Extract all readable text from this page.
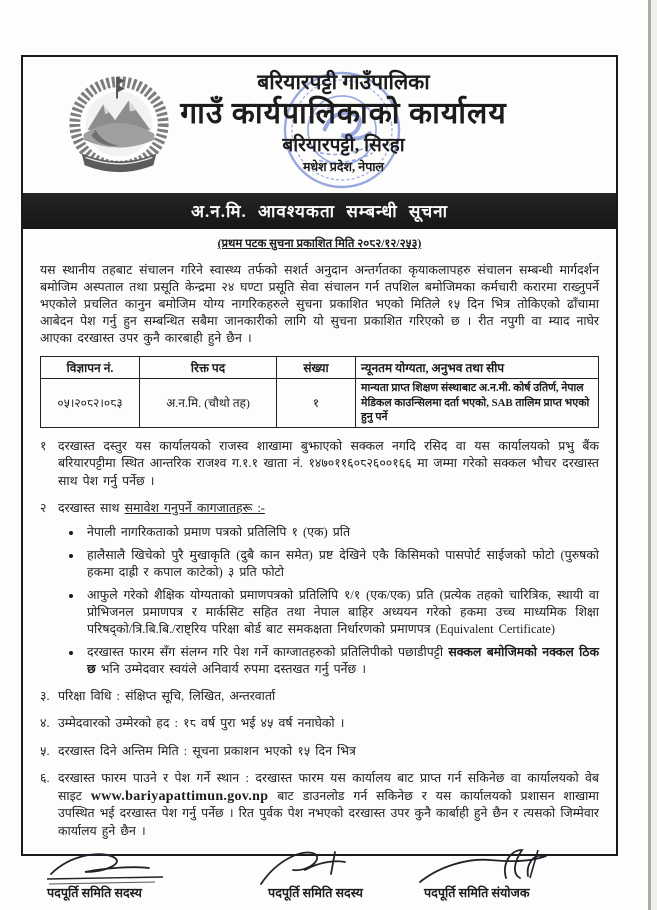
बरियारपट्टी गाउँपालिका
गाउँ कार्यपालिकाको कार्यालय
बरियारपट्टी, सिरहा
मधेश प्रदेश, नेपाल
अ.न.मि. आवश्यकता सम्बन्धी सूचना
(प्रथम पटक सुचना प्रकाशित मिति २०८२/१२/२५३)
यस स्थानीय तहबाट संचालन गरिने स्वास्थ्य तर्फको सशर्त अनुदान अन्तर्गतका कृयाकलापहरु संचालन सम्बन्धी मार्गदर्शन बमोजिम अस्पताल तथा प्रसूति केन्द्रमा २४ घण्टा प्रसूति सेवा संचालन गर्न तपशिल बमोजिमका कर्मचारी करारमा राख्नुपर्ने भएकोले प्रचलित कानुन बमोजिम योग्य नागरिकहरुले सुचना प्रकाशित भएको मितिले १५ दिन भित्र तोकिएको ढाँचामा आबेदन पेश गर्नु हुन सम्बन्धित सबैमा जानकारीको लागि यो सुचना प्रकाशित गरिएको छ । रीत नपुगी वा म्याद नाघेर आएका दरखास्त उपर कुनै कारबाही हुने छैन ।
विज्ञापन नं.	रिक्त पद	संख्या	न्यूनतम योग्यता, अनुभव तथा सीप
०५।२०८२।०८३	अ.न.मि. (चौथो तह)	१	मान्यता प्राप्त शिक्षण संस्थाबाट अ.न.मी. कोर्ष उतिर्ण, नेपाल मेडिकल काउन्सिलमा दर्ता भएको, SAB तालिम प्राप्त भएको हुनु पर्ने
१ दरखास्त दस्तुर यस कार्यालयको राजस्व शाखामा बुझाएको सक्कल नगदि रसिद वा यस कार्यालयको प्रभु बैंक बरियारपट्टीमा स्थित आन्तरिक राजश्व ग.१.१ खाता नं. १४७०११६०८२६००१६६ मा जम्मा गरेको सक्कल भौचर दरखास्त साथ पेश गर्नु पर्नेछ ।
२ दरखास्त साथ समावेश गनुपर्ने कागजातहरू :-
• नेपाली नागरिकताको प्रमाण पत्रको प्रतिलिपि १ (एक) प्रति
• हालैसालै खिचेको पुरै मुखाकृति (दुबै कान समेत) प्रष्ट देखिने एकै किसिमको पासपोर्ट साईजको फोटो (पुरुषको हकमा दाह्री र कपाल काटेको) ३ प्रति फोटो
• आफुले गरेको शैक्षिक योग्यताको प्रमाणपत्रको प्रतिलिपि १/१ (एक/एक) प्रति (प्रत्येक तहको चारित्रिक, स्थायी वा प्रोभिजनल प्रमाणपत्र र मार्कसिट सहित तथा नेपाल बाहिर अध्ययन गरेको हकमा उच्च माध्यमिक शिक्षा परिषद्को/त्रि.बि.बि./राष्ट्रिय परिक्षा बोर्ड बाट समकक्षता निर्धारणको प्रमाणपत्र (Equivalent Certificate)
• दरखास्त फारम सँग संलग्न गरि पेश गर्ने काग्जातहरुको प्रतिलिपीको पछाडीपट्टी सक्कल बमोजिमको नक्कल ठिक छ भनि उम्मेदवार स्वयंले अनिवार्य रुपमा दस्तखत गर्नु पर्नेछ ।
३. परिक्षा विधि : संक्षिप्त सूचि, लिखित, अन्तरवार्ता
४. उम्मेदवारको उम्मेरको हद : १८ वर्ष पुरा भई ४५ वर्ष ननाघेको ।
५. दरखास्त दिने अन्तिम मिति : सूचना प्रकाशन भएको १५ दिन भित्र
६. दरखास्त फारम पाउने र पेश गर्ने स्थान : दरखास्त फारम यस कार्यालय बाट प्राप्त गर्न सकिनेछ वा कार्यालयको वेब साइट www.bariyapattimun.gov.np बाट डाउनलोड गर्न सकिनेछ र यस कार्यालयको प्रशासन शाखामा उपस्थित भई दरखास्त पेश गर्नु पर्नेछ । रित पुर्वक पेश नभएको दरखास्त उपर कुनै कार्बाही हुने छैन र त्यसको जिम्मेवार कार्यालय हुने छैन ।
पदपूर्ति समिति सदस्य	पदपूर्ति समिति सदस्य	पदपूर्ति समिति संयोजक
